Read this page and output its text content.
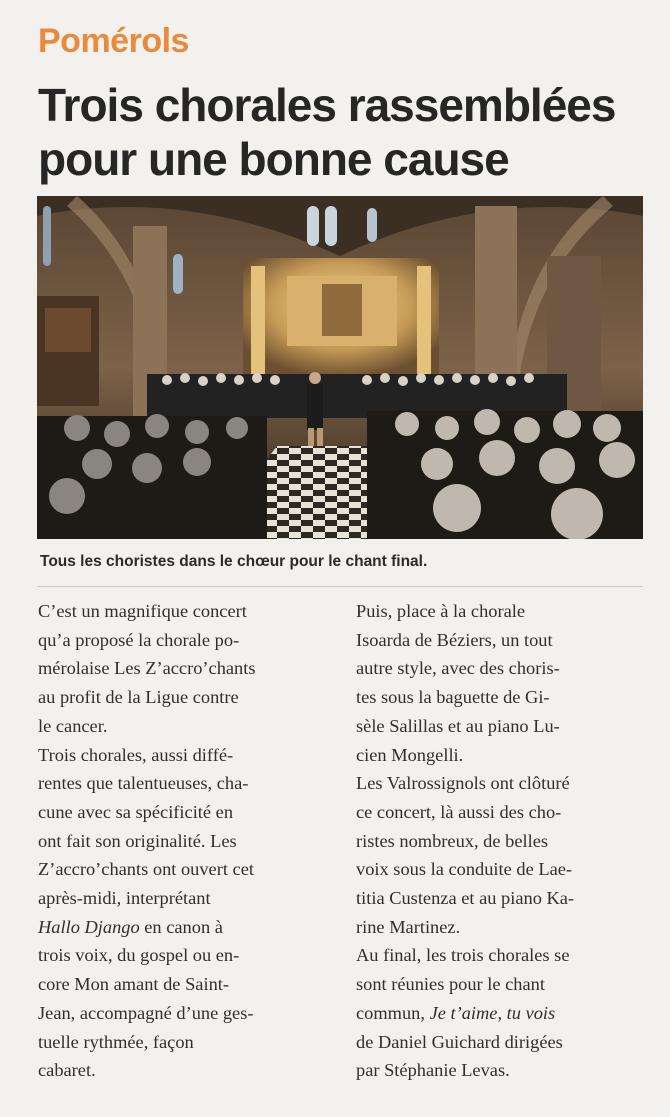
Pomérols
Trois chorales rassemblées
pour une bonne cause
Tous les choristes dans le chœur pour le chant final.

C’est un magnifique concert
qu’a proposé la chorale po-
mérolaise Les Z’accro’chants
au profit de la Ligue contre
le cancer.

Trois chorales, aussi diffé-
rentes que talentueuses, cha-
cune avec sa spécificité en
ont fait son originalité. Les
Z’accro’chants ont ouvert cet
après-midi, interprétant
Hallo Django en canon à
trois voix, du gospel ou en-
core Mon amant de Saint-
Jean, accompagné d’une ges-
tuelle rythmée, façon
cabaret.

Puis, place à la chorale
Isoarda de Béziers, un tout
autre style, avec des choris-
tes sous la baguette de Gi-
sèle Salillas et au piano Lu-
cien Mongelli.

Les Valrossignols ont clôturé
ce concert, là aussi des cho-
ristes nombreux, de belles
voix sous la conduite de Lae-
titia Custenza et au piano Ka-
rine Martinez.

Au final, les trois chorales se
sont réunies pour le chant
commun, Je t’aime, tu vois
de Daniel Guichard dirigées
par Stéphanie Levas.
